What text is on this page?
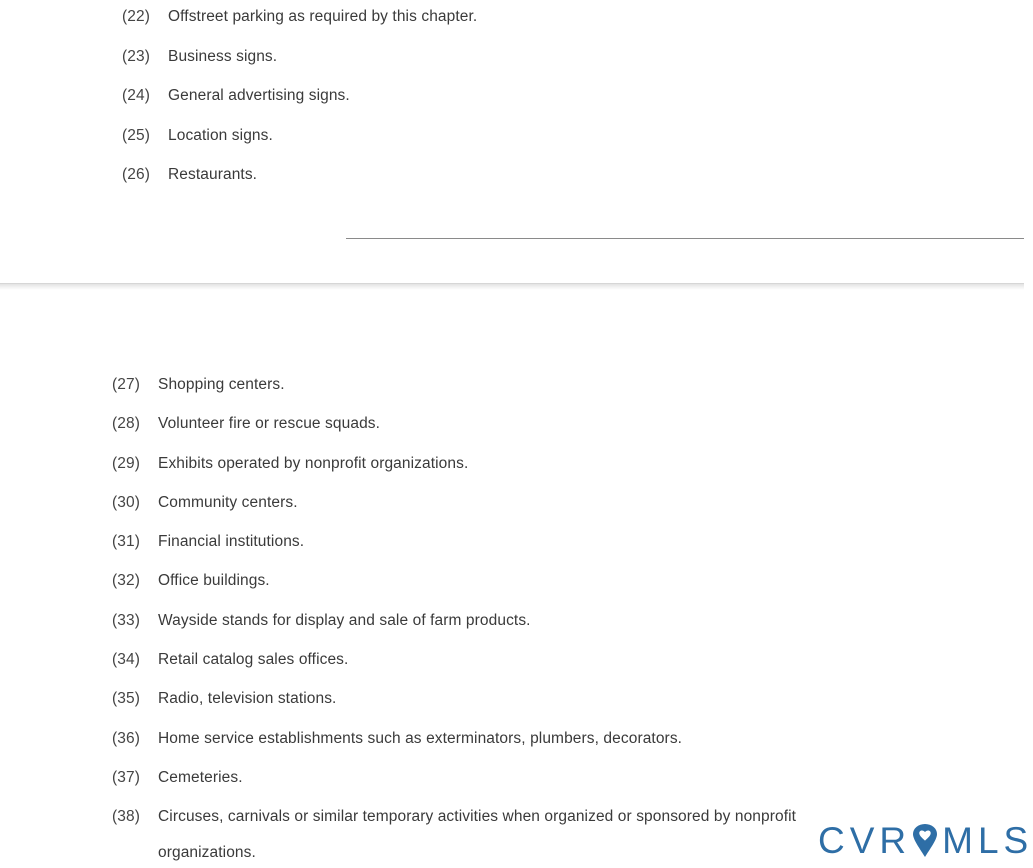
(22) Offstreet parking as required by this chapter.
(23) Business signs.
(24) General advertising signs.
(25) Location signs.
(26) Restaurants.
(27) Shopping centers.
(28) Volunteer fire or rescue squads.
(29) Exhibits operated by nonprofit organizations.
(30) Community centers.
(31) Financial institutions.
(32) Office buildings.
(33) Wayside stands for display and sale of farm products.
(34) Retail catalog sales offices.
(35) Radio, television stations.
(36) Home service establishments such as exterminators, plumbers, decorators.
(37) Cemeteries.
(38) Circuses, carnivals or similar temporary activities when organized or sponsored by nonprofit
organizations.	CVR MLS
